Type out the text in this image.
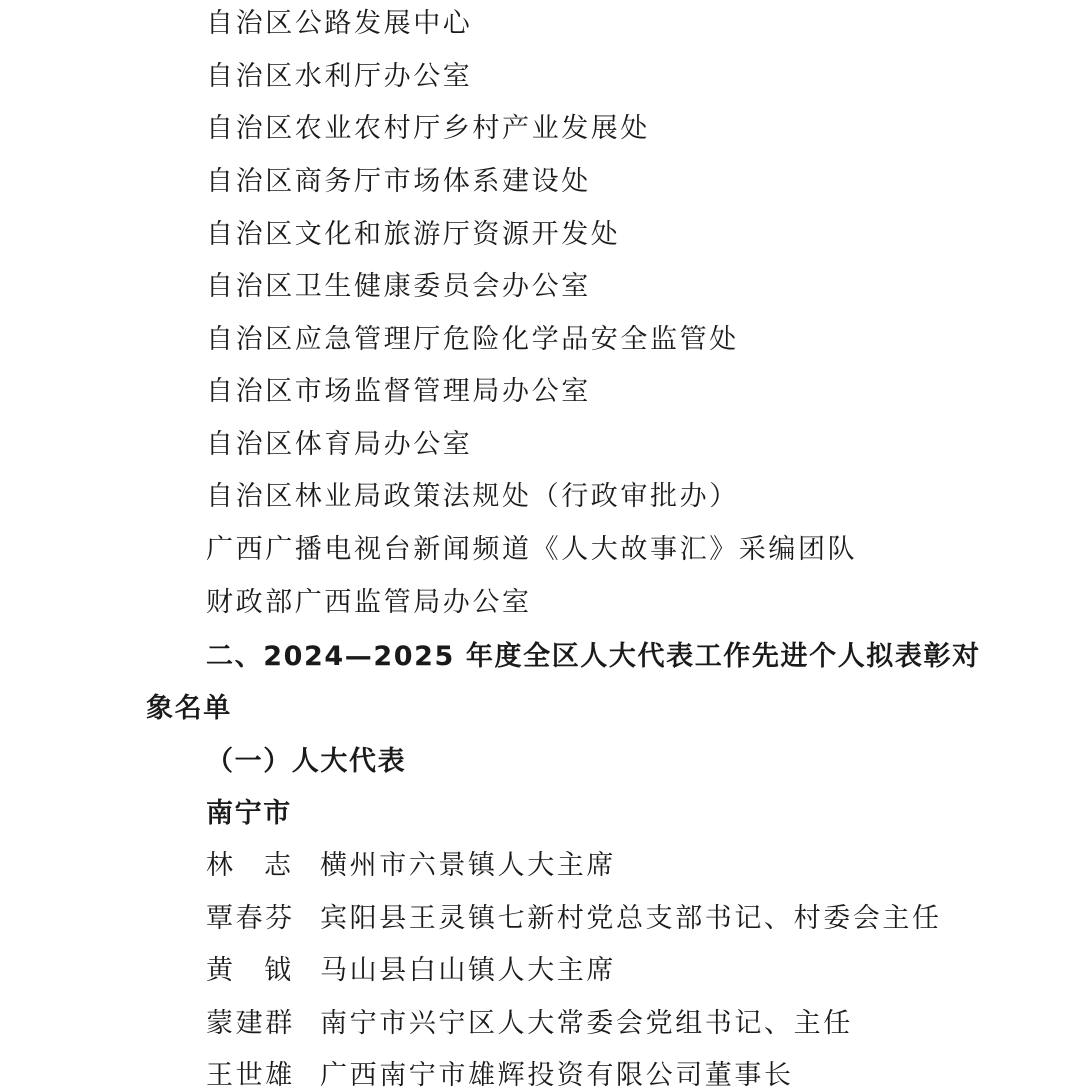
自治区公路发展中心
自治区水利厅办公室
自治区农业农村厅乡村产业发展处
自治区商务厅市场体系建设处
自治区文化和旅游厅资源开发处
自治区卫生健康委员会办公室
自治区应急管理厅危险化学品安全监管处
自治区市场监督管理局办公室
自治区体育局办公室
自治区林业局政策法规处（行政审批办）
广西广播电视台新闻频道《人大故事汇》采编团队
财政部广西监管局办公室
二、2024—2025 年度全区人大代表工作先进个人拟表彰对
象名单
（一）人大代表
南宁市
林志横州市六景镇人大主席
覃春芬 宾阳县王灵镇七新村党总支部书记、村委会主任
黄钺马山县白山镇人大主席
蒙建群 南宁市兴宁区人大常委会党组书记、主任
王世雄 广西南宁市雄辉投资有限公司董事长
